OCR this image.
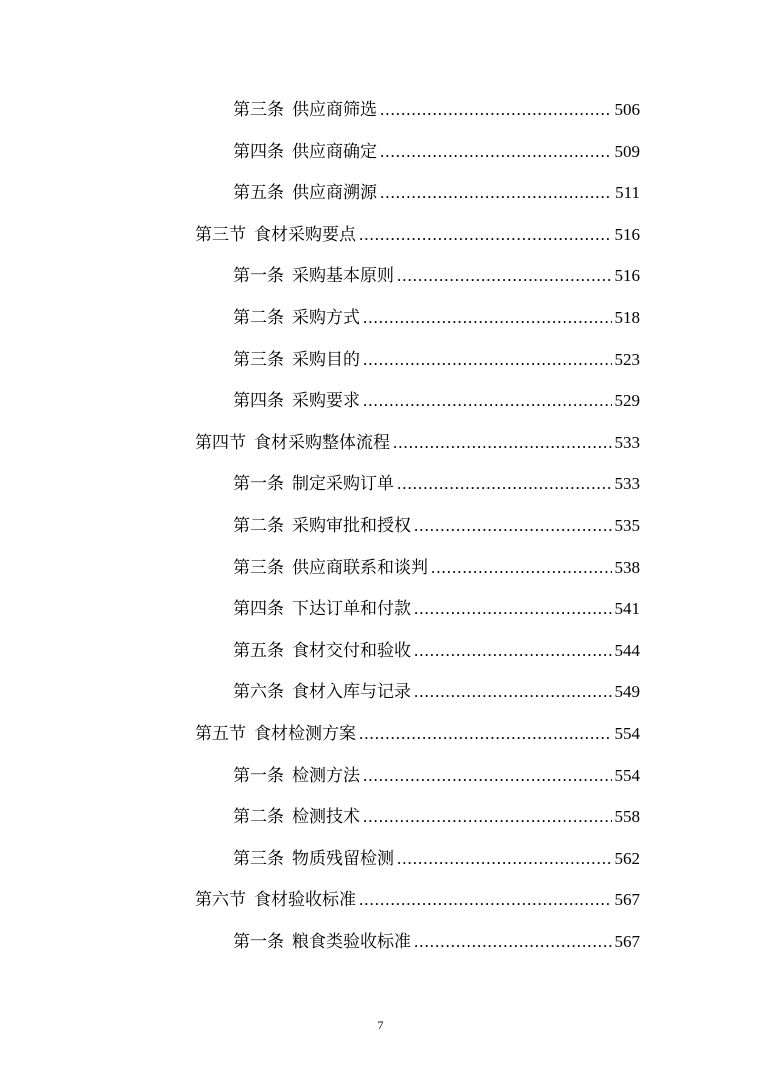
第三条 供应商筛选 .....	506
第四条 供应商确定 .....	509
第五条 供应商溯源 .....	511
第三节 食材采购要点 .....	516
第一条 采购基本原则 .....	516
第二条 采购方式 .....	518
第三条 采购目的 .....	523
第四条 采购要求 .....	529
第四节 食材采购整体流程 .....	533
第一条 制定采购订单 .....	533
第二条 采购审批和授权 .....	535
第三条 供应商联系和谈判 .....	538
第四条 下达订单和付款 .....	541
第五条 食材交付和验收 .....	544
第六条 食材入库与记录 .....	549
第五节 食材检测方案 .....	554
第一条 检测方法 .....	554
第二条 检测技术 .....	558
第三条 物质残留检测 .....	562
第六节 食材验收标准 .....	567
第一条 粮食类验收标准 .....	567
7
